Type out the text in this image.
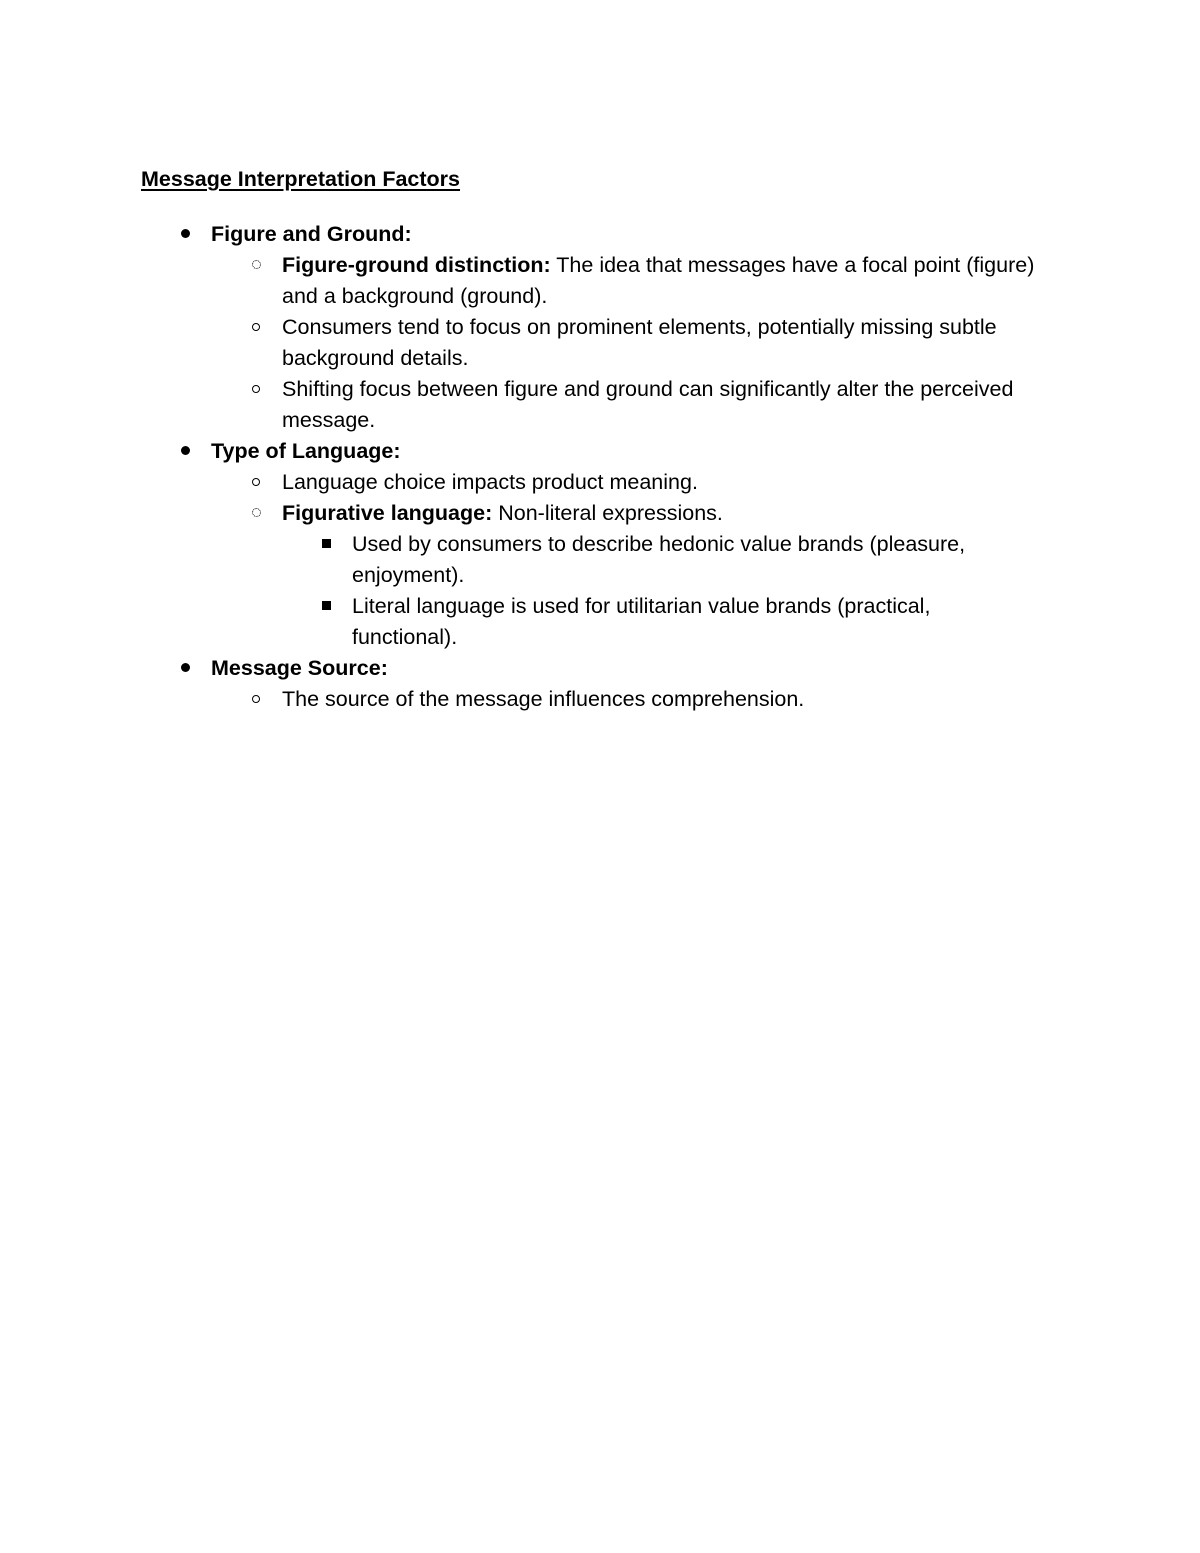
Message Interpretation Factors
Figure and Ground:
Figure-ground distinction: The idea that messages have a focal point (figure) and a background (ground).
Consumers tend to focus on prominent elements, potentially missing subtle background details.
Shifting focus between figure and ground can significantly alter the perceived message.
Type of Language:
Language choice impacts product meaning.
Figurative language: Non-literal expressions.
Used by consumers to describe hedonic value brands (pleasure, enjoyment).
Literal language is used for utilitarian value brands (practical, functional).
Message Source:
The source of the message influences comprehension.
